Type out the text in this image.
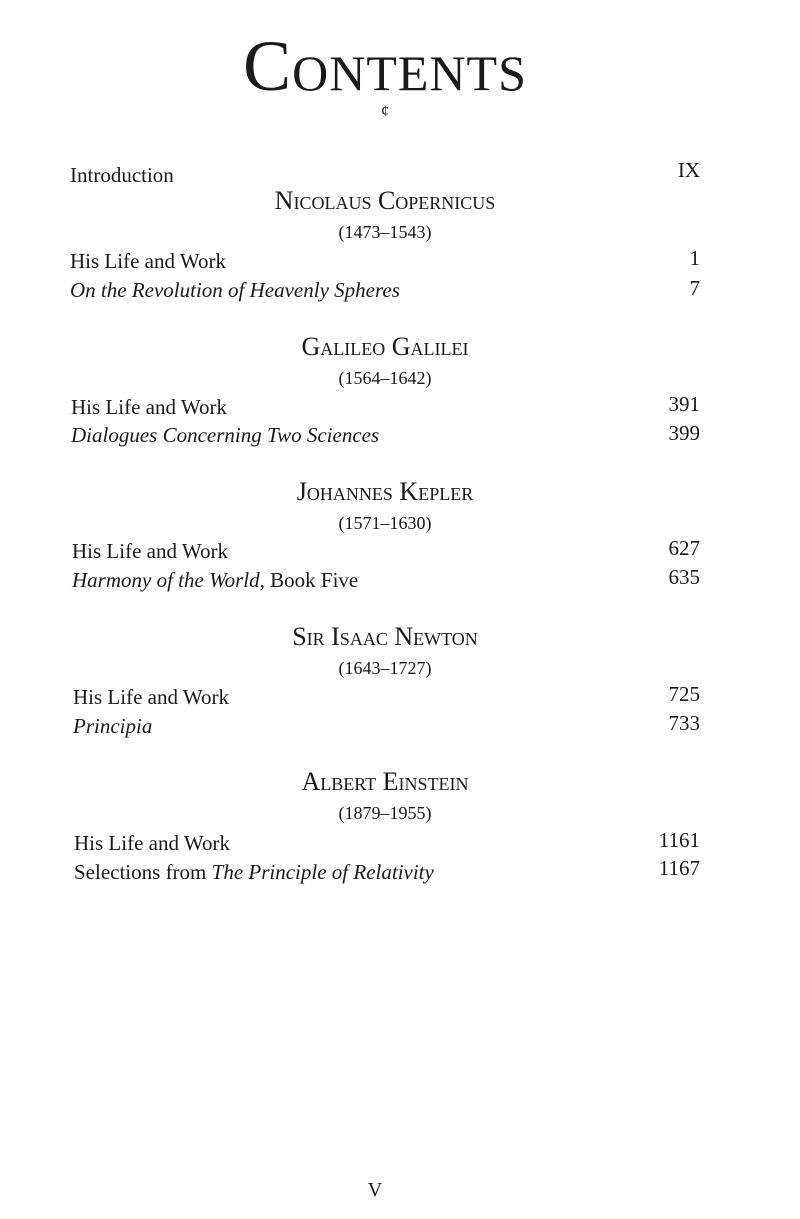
Contents
¢
Introduction	IX
Nicolaus Copernicus
(1473–1543)
His Life and Work	1
On the Revolution of Heavenly Spheres	7
Galileo Galilei
(1564–1642)
His Life and Work	391
Dialogues Concerning Two Sciences	399
Johannes Kepler
(1571–1630)
His Life and Work	627
Harmony of the World, Book Five	635
Sir Isaac Newton
(1643–1727)
His Life and Work	725
Principia	733
Albert Einstein
(1879–1955)
His Life and Work	1161
Selections from The Principle of Relativity	1167
V
